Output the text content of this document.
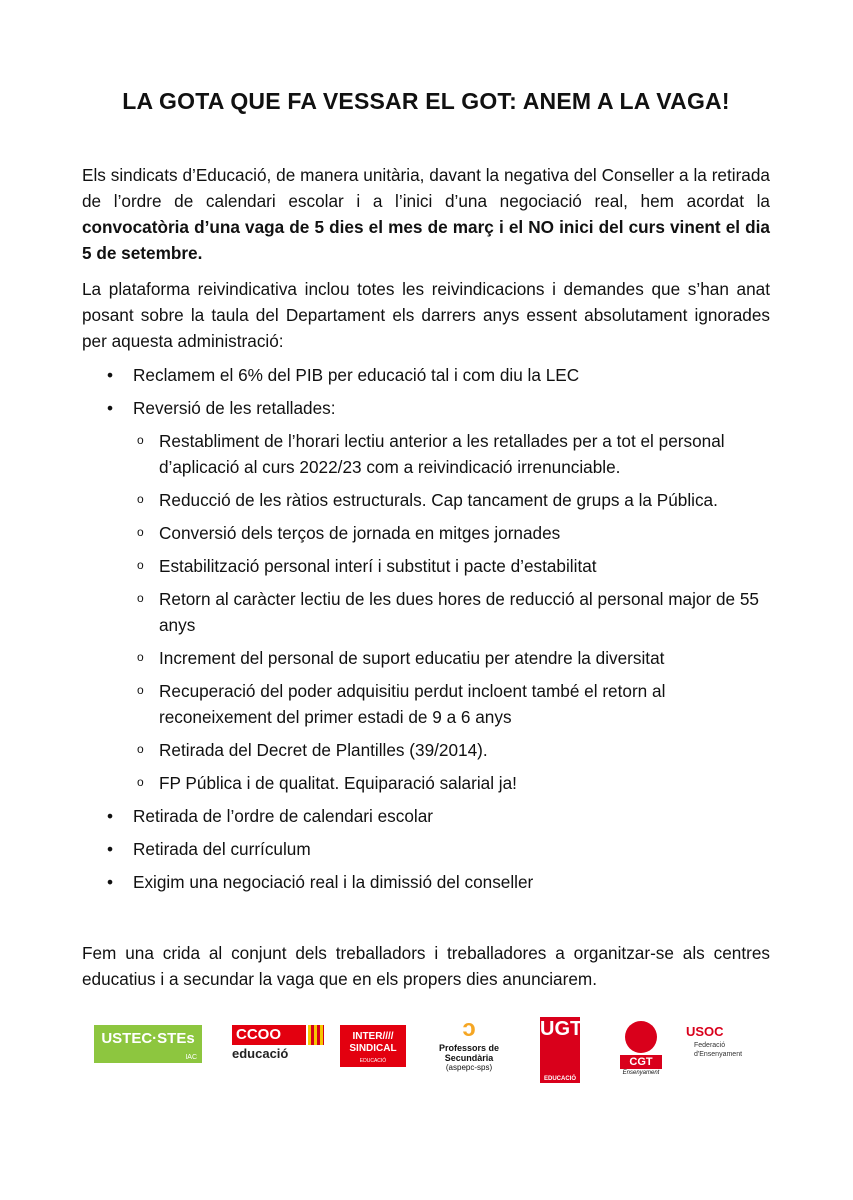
LA GOTA QUE FA VESSAR EL GOT: ANEM A LA VAGA!

Els sindicats d’Educació, de manera unitària, davant la negativa del Conseller a la retirada de l’ordre de calendari escolar i a l’inici d’una negociació real, hem acordat la convocatòria d’una vaga de 5 dies el mes de març i el NO inici del curs vinent el dia 5 de setembre.

La plataforma reivindicativa inclou totes les reivindicacions i demandes que s’han anat posant sobre la taula del Departament els darrers anys essent absolutament ignorades per aquesta administració:

• Reclamem el 6% del PIB per educació tal i com diu la LEC
• Reversió de les retallades:
o Restabliment de l’horari lectiu anterior a les retallades per a tot el personal d’aplicació al curs 2022/23 com a reivindicació irrenunciable.
o Reducció de les ràtios estructurals. Cap tancament de grups a la Pública.
o Conversió dels terços de jornada en mitges jornades
o Estabilització personal interí i substitut i pacte d’estabilitat
o Retorn al caràcter lectiu de les dues hores de reducció al personal major de 55 anys
o Increment del personal de suport educatiu per atendre la diversitat
o Recuperació del poder adquisitiu perdut incloent també el retorn al reconeixement del primer estadi de 9 a 6 anys
o Retirada del Decret de Plantilles (39/2014).
o FP Pública i de qualitat. Equiparació salarial ja!
• Retirada de l’ordre de calendari escolar
• Retirada del currículum
• Exigim una negociació real i la dimissió del conseller

Fem una crida al conjunt dels treballadors i treballadores a organitzar-se als centres educatius i a secundar la vaga que en els propers dies anunciarem.

USTEC·STEs
IAC
CCOO
educació
INTER//// SINDICAL
EDUCACIÓ
ↄ
Professors de Secundària
(aspepc-sps)
UGT
EDUCACIÓ
CGT
Ensenyament
USOC
Federació d'Ensenyament
